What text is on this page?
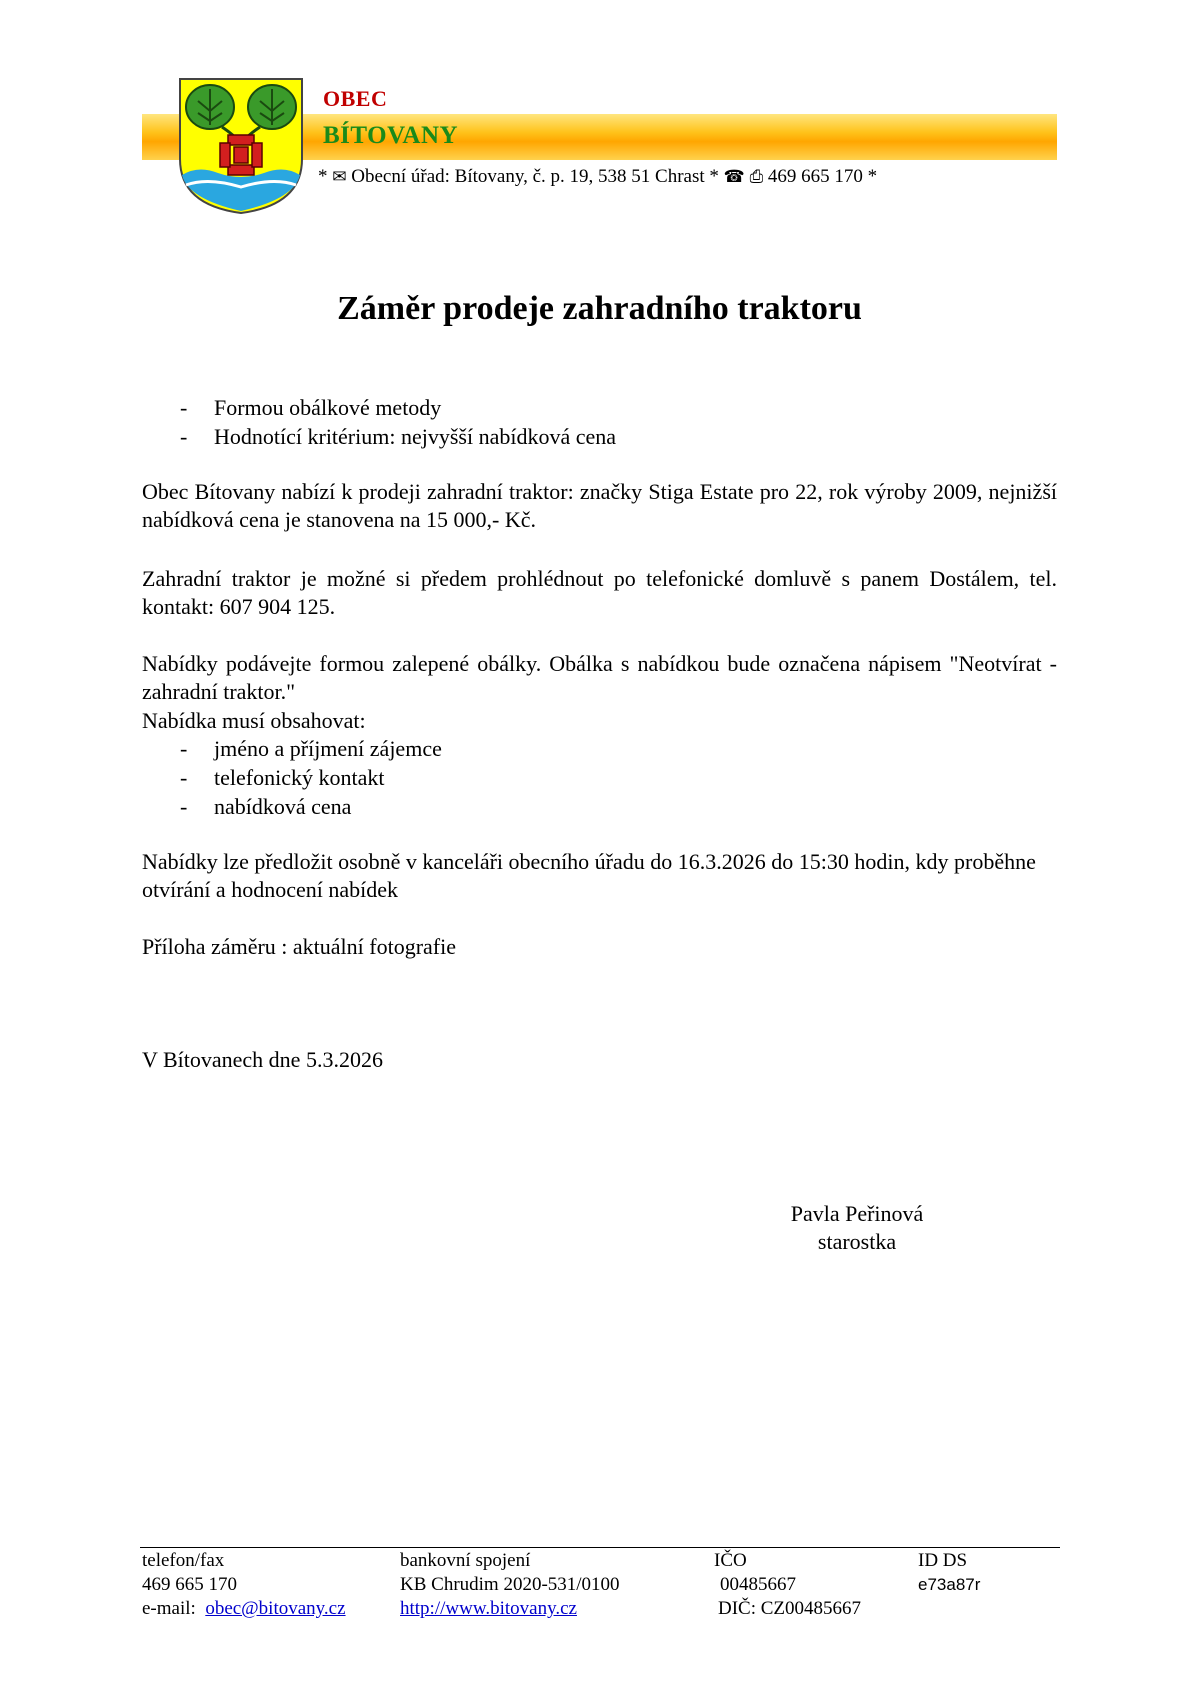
OBEC
BÍTOVANY
* ✉ Obecní úřad: Bítovany, č. p. 19, 538 51 Chrast * ☎ ⎙ 469 665 170 *
Záměr prodeje zahradního traktoru
- Formou obálkové metody
- Hodnotící kritérium: nejvyšší nabídková cena
Obec Bítovany nabízí k prodeji zahradní traktor: značky Stiga Estate pro 22, rok výroby 2009, nejnižší nabídková cena je stanovena na 15 000,- Kč.
Zahradní traktor je možné si předem prohlédnout po telefonické domluvě s panem Dostálem, tel. kontakt: 607 904 125.
Nabídky podávejte formou zalepené obálky. Obálka s nabídkou bude označena nápisem "Neotvírat - zahradní traktor."
Nabídka musí obsahovat:
- jméno a příjmení zájemce
- telefonický kontakt
- nabídková cena
Nabídky lze předložit osobně v kanceláři obecního úřadu do 16.3.2026 do 15:30 hodin, kdy proběhne otvírání a hodnocení nabídek
Příloha záměru : aktuální fotografie
V Bítovanech dne 5.3.2026
Pavla Peřinová
starostka
telefon/fax
469 665 170
e-mail: obec@bitovany.cz
bankovní spojení
KB Chrudim 2020-531/0100
http://www.bitovany.cz
IČO
00485667
DIČ: CZ00485667
ID DS
e73a87r
